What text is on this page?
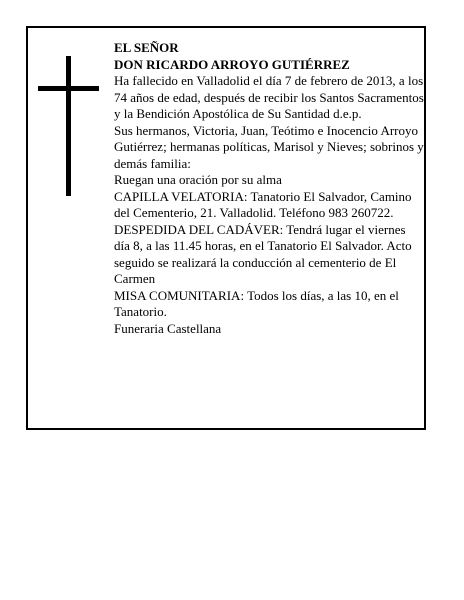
EL SEÑOR

DON RICARDO ARROYO GUTIÉRREZ

Ha fallecido en Valladolid el día 7 de febrero de 2013, a los 74 años de edad, después de recibir los Santos Sacramentos y la Bendición Apostólica de Su Santidad d.e.p.

Sus hermanos, Victoria, Juan, Teótimo e Inocencio Arroyo Gutiérrez; hermanas políticas, Marisol y Nieves; sobrinos y demás familia:

Ruegan una oración por su alma

CAPILLA VELATORIA: Tanatorio El Salvador, Camino del Cementerio, 21. Valladolid. Teléfono 983 260722.

DESPEDIDA DEL CADÁVER: Tendrá lugar el viernes día 8, a las 11.45 horas, en el Tanatorio El Salvador. Acto seguido se realizará la conducción al cementerio de El Carmen

MISA COMUNITARIA: Todos los días, a las 10, en el Tanatorio.

Funeraria Castellana
